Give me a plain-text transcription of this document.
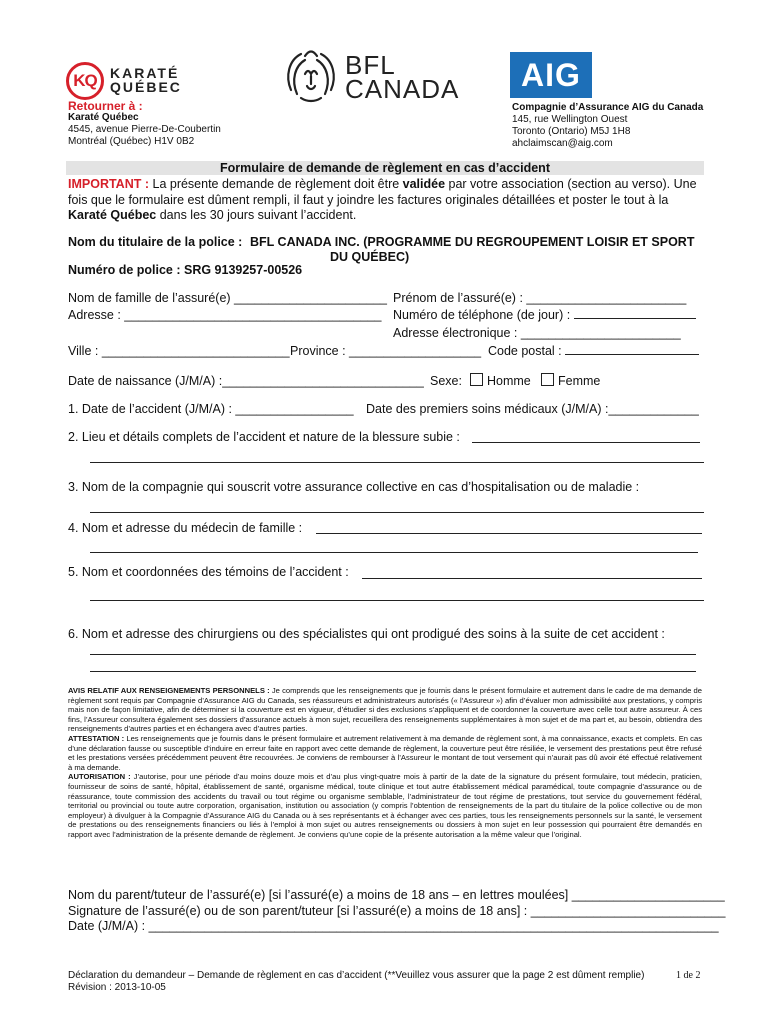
KQ KARATÉ
QUÉBEC
BFL
CANADA AIG
Retourner à :
Karaté Québec
4545, avenue Pierre-De-Coubertin
Montréal (Québec) H1V 0B2
Compagnie d’Assurance AIG du Canada
145, rue Wellington Ouest
Toronto (Ontario) M5J 1H8
ahclaimscan@aig.com
Formulaire de demande de règlement en cas d’accident
IMPORTANT : La présente demande de règlement doit être validée par votre association (section au verso). Une fois que le formulaire est dûment rempli, il faut y joindre les factures originales détaillées et poster le tout à la Karaté Québec dans les 30 jours suivant l’accident.
Nom du titulaire de la police : BFL CANADA INC. (PROGRAMME DU REGROUPEMENT LOISIR ET SPORT
DU QUÉBEC)
Numéro de police : SRG 9139257-00526
Nom de famille de l’assuré(e) ______________________ Prénom de l’assuré(e) : _______________________
Adresse : _____________________________________ Numéro de téléphone (de jour) :
Adresse électronique : _______________________
Ville : ___________________________ Province : ___________________ Code postal :
Date de naissance (J/M/A) :_____________________________ Sexe:	Homme	Femme
1. Date de l’accident (J/M/A) : _________________ Date des premiers soins médicaux (J/M/A) :_____________
2. Lieu et détails complets de l’accident et nature de la blessure subie :
3. Nom de la compagnie qui souscrit votre assurance collective en cas d’hospitalisation ou de maladie :
4. Nom et adresse du médecin de famille :
5. Nom et coordonnées des témoins de l’accident :
6. Nom et adresse des chirurgiens ou des spécialistes qui ont prodigué des soins à la suite de cet accident :
AVIS RELATIF AUX RENSEIGNEMENTS PERSONNELS : Je comprends que les renseignements que je fournis dans le présent formulaire et autrement dans le cadre de ma demande de règlement sont requis par Compagnie d’Assurance AIG du Canada, ses réassureurs et administrateurs autorisés (« l’Assureur ») afin d’évaluer mon admissibilité aux prestations, y compris mais non de façon limitative, afin de déterminer si la couverture est en vigueur, d’étudier si des exclusions s’appliquent et de coordonner la couverture avec celle tout autre assureur. À ces fins, l’Assureur consultera également ses dossiers d’assurance actuels à mon sujet, recueillera des renseignements supplémentaires à mon sujet et de ma part et, au besoin, obtiendra des renseignements d’autres parties et en échangera avec d’autres parties.
ATTESTATION : Les renseignements que je fournis dans le présent formulaire et autrement relativement à ma demande de règlement sont, à ma connaissance, exacts et complets. En cas d’une déclaration fausse ou susceptible d’induire en erreur faite en rapport avec cette demande de règlement, la couverture peut être résiliée, le versement des prestations peut être refusé et les prestations versées précédemment peuvent être recouvrées. Je conviens de rembourser à l’Assureur le montant de tout versement qui n’aurait pas dû avoir été effectué relativement à ma demande.
AUTORISATION : J’autorise, pour une période d’au moins douze mois et d’au plus vingt-quatre mois à partir de la date de la signature du présent formulaire, tout médecin, praticien, fournisseur de soins de santé, hôpital, établissement de santé, organisme médical, toute clinique et tout autre établissement médical paramédical, toute compagnie d’assurance ou de réassurance, toute commission des accidents du travail ou tout régime ou organisme semblable, l’administrateur de tout régime de prestations, tout service du gouvernement fédéral, territorial ou provincial ou toute autre corporation, organisation, institution ou association (y compris l’obtention de renseignements de la part du titulaire de la police collective ou de mon employeur) à divulguer à la Compagnie d’Assurance AIG du Canada ou à ses représentants et à échanger avec ces parties, tous les renseignements personnels sur la santé, le versement de prestations ou des renseignements financiers ou liés à l’emploi à mon sujet ou autres renseignements ou dossiers à mon sujet en leur possession qui pourraient être demandés en rapport avec l’administration de la présente demande de règlement. Je conviens qu’une copie de la présente autorisation a la même valeur que l’original.
Nom du parent/tuteur de l’assuré(e) [si l’assuré(e) a moins de 18 ans – en lettres moulées] ______________________
Signature de l’assuré(e) ou de son parent/tuteur [si l’assuré(e) a moins de 18 ans] : ____________________________
Date (J/M/A) : __________________________________________________________________________________
Déclaration du demandeur – Demande de règlement en cas d’accident (**Veuillez vous assurer que la page 2 est dûment remplie)	1 de 2
Révision : 2013-10-05
